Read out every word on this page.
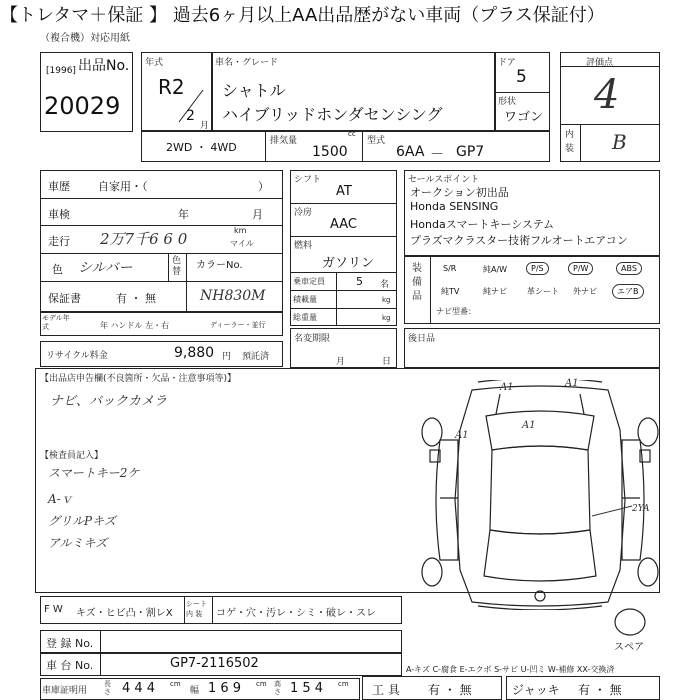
【トレタマ＋保証 】 過去6ヶ月以上AA出品歴がない車両（プラス保証付）
（複合機）対応用紙
出品No.
[1996]
20029
年式
R2
2
月
車名・グレード
シャトル
ハイブリッドホンダセンシング
ドア
5
形状
ワゴン
評価点
4
内装 B
2WD ・ 4WD	排気量
cc
1500
型式
6AA － GP7
車歴	自家用・（	）
車検	年	月
走行 2万7千6 6 0	km
マイル
色 シルバー	色替
カラーNo.
NH830M
保証書	有 ・ 無
モデル年式	年 ハンドル 左・右	ディーラー・並行
リサイクル料金	9,880 円 預託済
シフト
AT
冷房
AAC
燃料
ガソリン
乗車定員	5 名
積載量	kg
総重量	kg
名変期限
月	日
セールスポイント
オークション初出品
Honda SENSING
Hondaスマートキーシステム
プラズマクラスター技術フルオートエアコン
装備品
S/R	純A/W	P/S	P/W	ABS
純TV	純ナビ	革シート	外ナビ	エアB
ナビ型番：
後日品
【出品店申告欄(不良箇所・欠品・注意事項等)】
ナビ、バックカメラ
【検査員記入】
スマートキー2ケ
A-ｖ
グリルPキズ
アルミキズ
A1	A1
A1
A1
2YA
スペア
F W キズ・ヒビ凸・割レX
シート内 装	コゲ・穴・汚レ・シミ・破レ・スレ
登 録 No.
車 台 No.	GP7-2116502	A-キズ C-腐食 E-エクボ S-サビ U-凹ミ W-補修 XX-交換済
車庫証明用
長さ 4 4 4 cm
幅 1 6 9 cm 高さ 1 5 4 cm 工 具 有 ・ 無	ジャッキ 有 ・ 無
